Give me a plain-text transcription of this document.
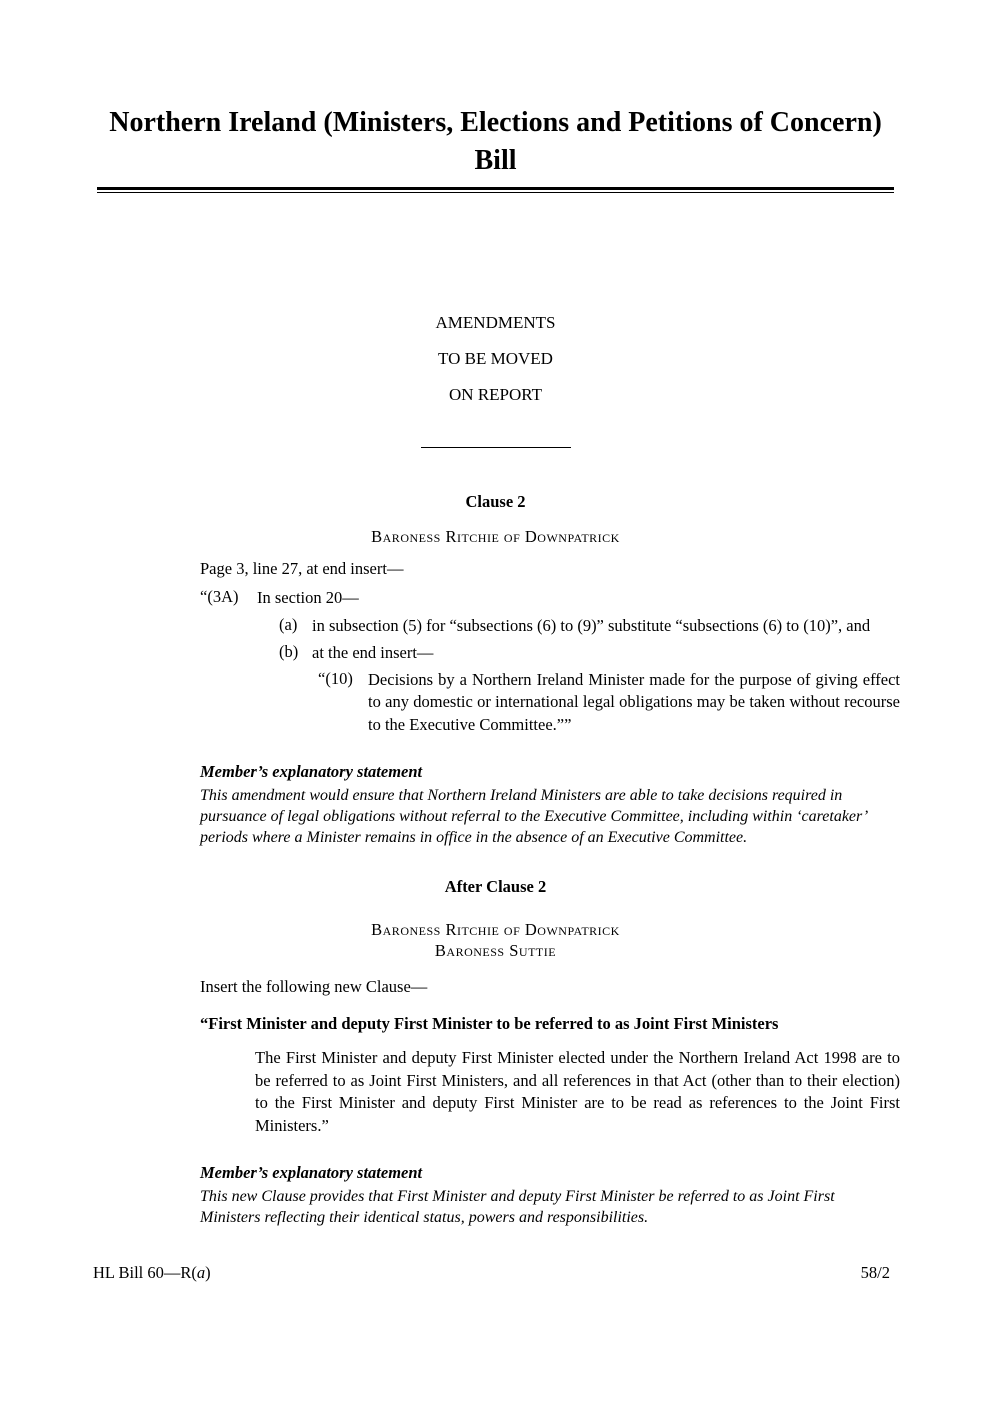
Northern Ireland (Ministers, Elections and Petitions of Concern) Bill
AMENDMENTS
TO BE MOVED
ON REPORT
Clause 2
Baroness Ritchie of Downpatrick
Page 3, line 27, at end insert—
“(3A)	In section 20—
(a) in subsection (5) for “subsections (6) to (9)” substitute “subsections (6) to (10)”, and
(b) at the end insert—
“(10) Decisions by a Northern Ireland Minister made for the purpose of giving effect to any domestic or international legal obligations may be taken without recourse to the Executive Committee.””
Member’s explanatory statement
This amendment would ensure that Northern Ireland Ministers are able to take decisions required in pursuance of legal obligations without referral to the Executive Committee, including within ‘caretaker’ periods where a Minister remains in office in the absence of an Executive Committee.
After Clause 2
Baroness Ritchie of Downpatrick
Baroness Suttie
Insert the following new Clause—
“First Minister and deputy First Minister to be referred to as Joint First Ministers
The First Minister and deputy First Minister elected under the Northern Ireland Act 1998 are to be referred to as Joint First Ministers, and all references in that Act (other than to their election) to the First Minister and deputy First Minister are to be read as references to the Joint First Ministers.”
Member’s explanatory statement
This new Clause provides that First Minister and deputy First Minister be referred to as Joint First Ministers reflecting their identical status, powers and responsibilities.
HL Bill 60—R(a)	58/2
